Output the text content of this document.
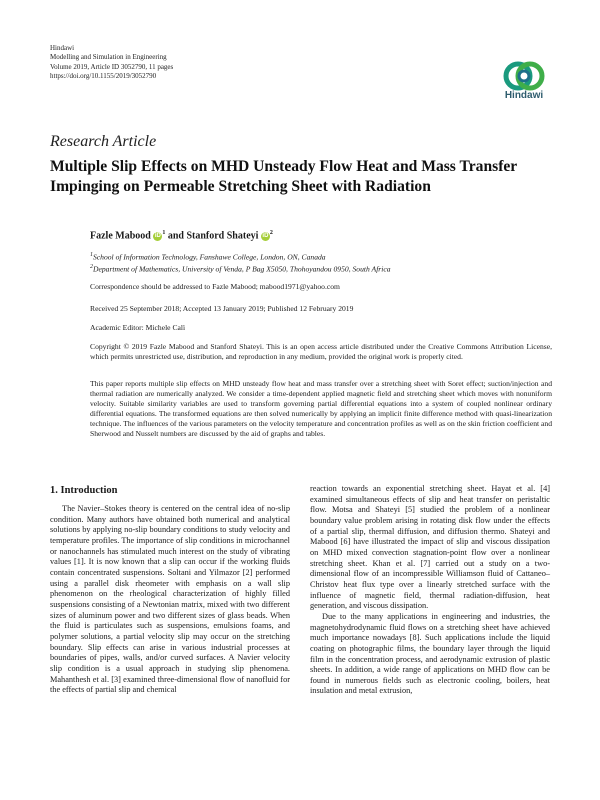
Hindawi
Modelling and Simulation in Engineering
Volume 2019, Article ID 3052790, 11 pages
https://doi.org/10.1155/2019/3052790
Hindawi
Research Article
Multiple Slip Effects on MHD Unsteady Flow Heat and Mass Transfer Impinging on Permeable Stretching Sheet with Radiation
Fazle Mabood iD $^1$ and Stanford Shateyi iD $^2$
$^1$School of Information Technology, Fanshawe College, London, ON, Canada
$^2$Department of Mathematics, University of Venda, P Bag X5050, Thohoyandou 0950, South Africa
Correspondence should be addressed to Fazle Mabood; mabood1971@yahoo.com
Received 25 September 2018; Accepted 13 January 2019; Published 12 February 2019
Academic Editor: Michele Calì
Copyright © 2019 Fazle Mabood and Stanford Shateyi. This is an open access article distributed under the Creative Commons Attribution License, which permits unrestricted use, distribution, and reproduction in any medium, provided the original work is properly cited.
This paper reports multiple slip effects on MHD unsteady flow heat and mass transfer over a stretching sheet with Soret effect; suction/injection and thermal radiation are numerically analyzed. We consider a time-dependent applied magnetic field and stretching sheet which moves with nonuniform velocity. Suitable similarity variables are used to transform governing partial differential equations into a system of coupled nonlinear ordinary differential equations. The transformed equations are then solved numerically by applying an implicit finite difference method with quasi-linearization technique. The influences of the various parameters on the velocity temperature and concentration profiles as well as on the skin friction coefficient and Sherwood and Nusselt numbers are discussed by the aid of graphs and tables.
1. Introduction

The Navier–Stokes theory is centered on the central idea of no-slip condition. Many authors have obtained both numerical and analytical solutions by applying no-slip boundary conditions to study velocity and temperature profiles. The importance of slip conditions in microchannel or nanochannels has stimulated much interest on the study of vibrating values [1]. It is now known that a slip can occur if the working fluids contain concentrated suspensions. Soltani and Yilmazor [2] performed using a parallel disk rheometer with emphasis on a wall slip phenomenon on the rheological characterization of highly filled suspensions consisting of a Newtonian matrix, mixed with two different sizes of aluminum power and two different sizes of glass beads. When the fluid is particulates such as suspensions, emulsions foams, and polymer solutions, a partial velocity slip may occur on the stretching boundary. Slip effects can arise in various industrial processes at boundaries of pipes, walls, and/or curved surfaces. A Navier velocity slip condition is a usual approach in studying slip phenomena. Mahanthesh et al. [3] examined three-dimensional flow of nanofluid for the effects of partial slip and chemical

reaction towards an exponential stretching sheet. Hayat et al. [4] examined simultaneous effects of slip and heat transfer on peristaltic flow. Motsa and Shateyi [5] studied the problem of a nonlinear boundary value problem arising in rotating disk flow under the effects of a partial slip, thermal diffusion, and diffusion thermo. Shateyi and Mabood [6] have illustrated the impact of slip and viscous dissipation on MHD mixed convection stagnation-point flow over a nonlinear stretching sheet. Khan et al. [7] carried out a study on a two-dimensional flow of an incompressible Williamson fluid of Cattaneo–Christov heat flux type over a linearly stretched surface with the influence of magnetic field, thermal radiation-diffusion, heat generation, and viscous dissipation.

Due to the many applications in engineering and industries, the magnetohydrodynamic fluid flows on a stretching sheet have achieved much importance nowadays [8]. Such applications include the liquid coating on photographic films, the boundary layer through the liquid film in the concentration process, and aerodynamic extrusion of plastic sheets. In addition, a wide range of applications on MHD flow can be found in numerous fields such as electronic cooling, boilers, heat insulation and metal extrusion,
